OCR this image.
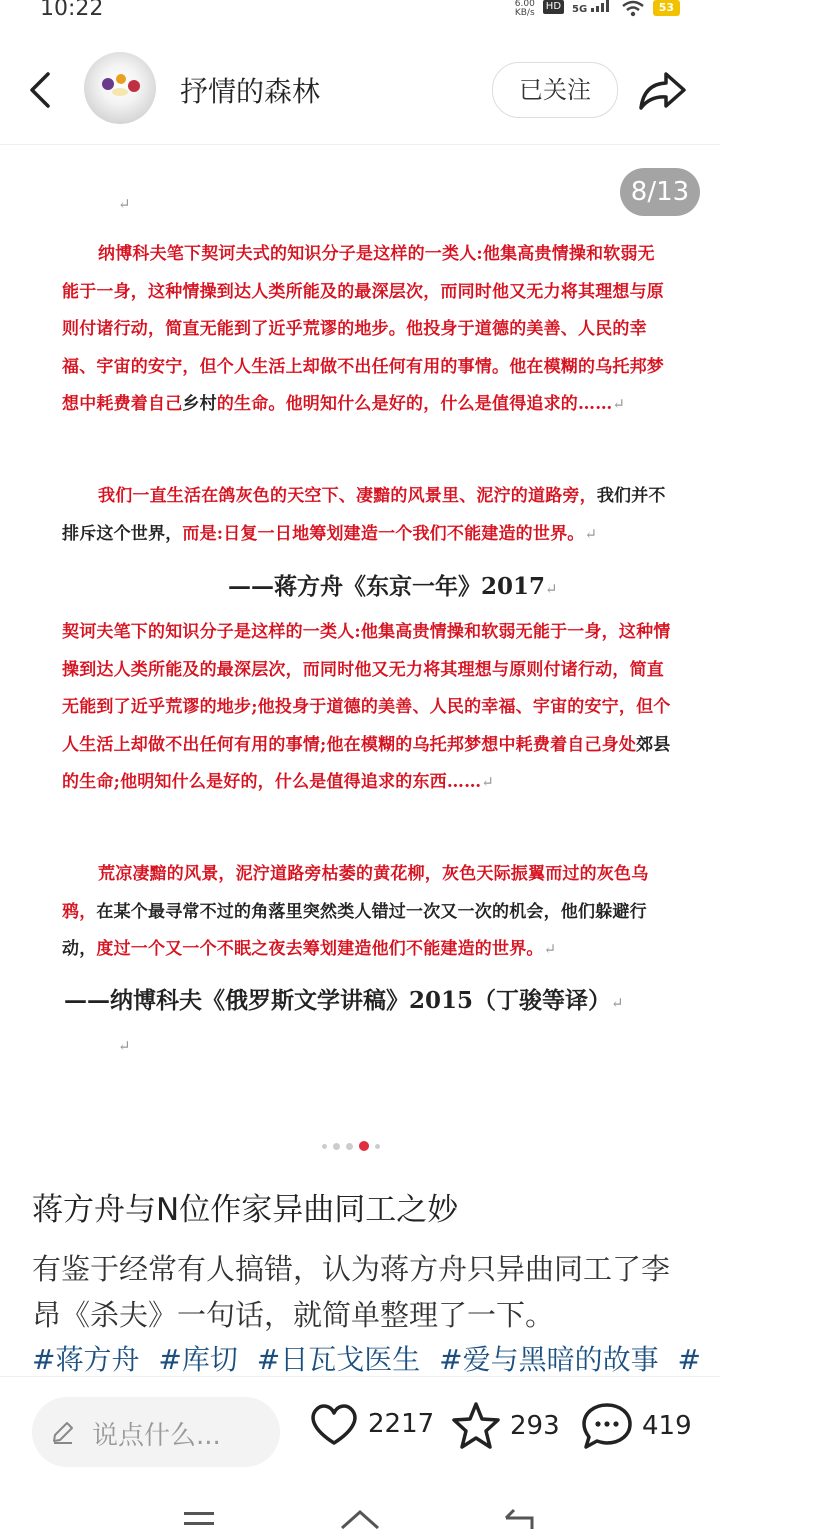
10:22	6.00
KB/s
HD	5G	53
抒情的森林	已关注
8/13
↵
纳博科夫笔下契诃夫式的知识分子是这样的一类人:他集高贵情操和软弱无能于一身，这种情操到达人类所能及的最深层次，而同时他又无力将其理想与原则付诸行动，简直无能到了近乎荒谬的地步。他投身于道德的美善、人民的幸福、宇宙的安宁，但个人生活上却做不出任何有用的事情。他在模糊的乌托邦梦想中耗费着自己乡村的生命。他明知什么是好的，什么是值得追求的……↵
我们一直生活在鸽灰色的天空下、凄黯的风景里、泥泞的道路旁，我们并不排斥这个世界，而是:日复一日地筹划建造一个我们不能建造的世界。↵
——蒋方舟《东京一年》2017↵
契诃夫笔下的知识分子是这样的一类人:他集高贵情操和软弱无能于一身，这种情操到达人类所能及的最深层次，而同时他又无力将其理想与原则付诸行动，简直无能到了近乎荒谬的地步;他投身于道德的美善、人民的幸福、宇宙的安宁，但个人生活上却做不出任何有用的事情;他在模糊的乌托邦梦想中耗费着自己身处郊县的生命;他明知什么是好的，什么是值得追求的东西……↵
荒凉凄黯的风景，泥泞道路旁枯萎的黄花柳，灰色天际振翼而过的灰色乌鸦，在某个最寻常不过的角落里突然类人错过一次又一次的机会，他们躲避行动，度过一个又一个不眠之夜去筹划建造他们不能建造的世界。↵
——纳博科夫《俄罗斯文学讲稿》2015（丁骏等译）↵
↵
蒋方舟与N位作家异曲同工之妙
有鉴于经常有人搞错，认为蒋方舟只异曲同工了李昂《杀夫》一句话，就简单整理了一下。
#蒋方舟 #库切 #日瓦戈医生 #爱与黑暗的故事 #
说点什么...	2217	293	419
